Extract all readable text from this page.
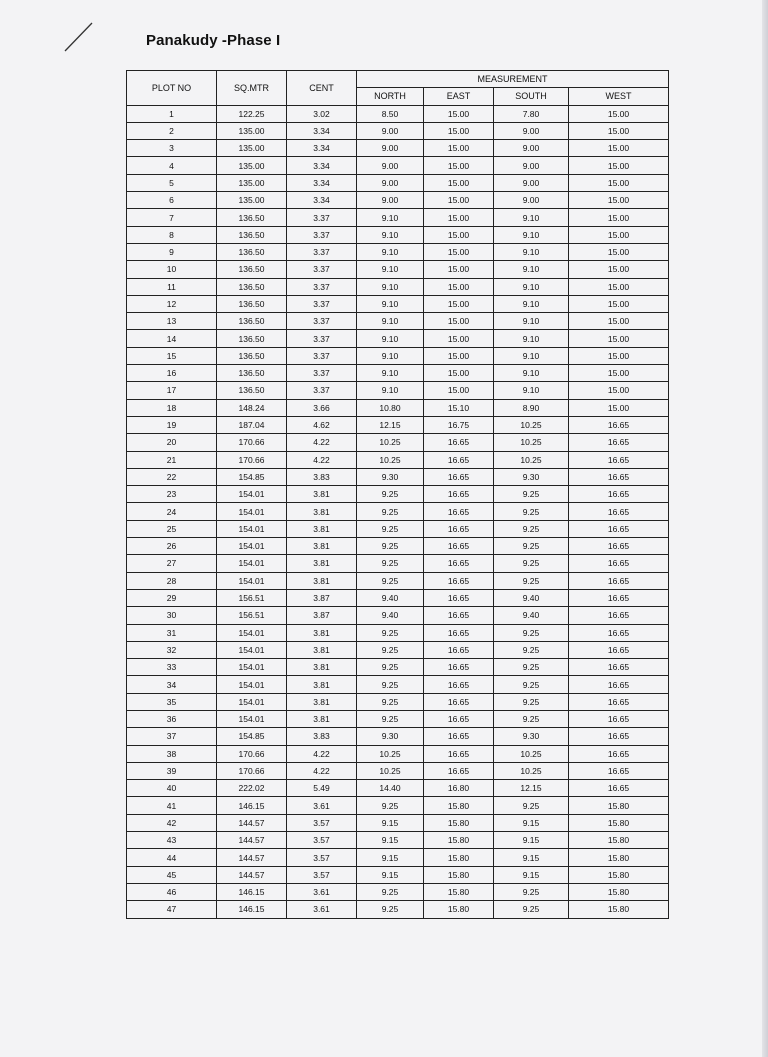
Panakudy -Phase I
PLOT NO	SQ.MTR	CENT	MEASUREMENT			
			NORTH	EAST	SOUTH	WEST
1	122.25	3.02	8.50	15.00	7.80	15.00
2	135.00	3.34	9.00	15.00	9.00	15.00
3	135.00	3.34	9.00	15.00	9.00	15.00
4	135.00	3.34	9.00	15.00	9.00	15.00
5	135.00	3.34	9.00	15.00	9.00	15.00
6	135.00	3.34	9.00	15.00	9.00	15.00
7	136.50	3.37	9.10	15.00	9.10	15.00
8	136.50	3.37	9.10	15.00	9.10	15.00
9	136.50	3.37	9.10	15.00	9.10	15.00
10	136.50	3.37	9.10	15.00	9.10	15.00
11	136.50	3.37	9.10	15.00	9.10	15.00
12	136.50	3.37	9.10	15.00	9.10	15.00
13	136.50	3.37	9.10	15.00	9.10	15.00
14	136.50	3.37	9.10	15.00	9.10	15.00
15	136.50	3.37	9.10	15.00	9.10	15.00
16	136.50	3.37	9.10	15.00	9.10	15.00
17	136.50	3.37	9.10	15.00	9.10	15.00
18	148.24	3.66	10.80	15.10	8.90	15.00
19	187.04	4.62	12.15	16.75	10.25	16.65
20	170.66	4.22	10.25	16.65	10.25	16.65
21	170.66	4.22	10.25	16.65	10.25	16.65
22	154.85	3.83	9.30	16.65	9.30	16.65
23	154.01	3.81	9.25	16.65	9.25	16.65
24	154.01	3.81	9.25	16.65	9.25	16.65
25	154.01	3.81	9.25	16.65	9.25	16.65
26	154.01	3.81	9.25	16.65	9.25	16.65
27	154.01	3.81	9.25	16.65	9.25	16.65
28	154.01	3.81	9.25	16.65	9.25	16.65
29	156.51	3.87	9.40	16.65	9.40	16.65
30	156.51	3.87	9.40	16.65	9.40	16.65
31	154.01	3.81	9.25	16.65	9.25	16.65
32	154.01	3.81	9.25	16.65	9.25	16.65
33	154.01	3.81	9.25	16.65	9.25	16.65
34	154.01	3.81	9.25	16.65	9.25	16.65
35	154.01	3.81	9.25	16.65	9.25	16.65
36	154.01	3.81	9.25	16.65	9.25	16.65
37	154.85	3.83	9.30	16.65	9.30	16.65
38	170.66	4.22	10.25	16.65	10.25	16.65
39	170.66	4.22	10.25	16.65	10.25	16.65
40	222.02	5.49	14.40	16.80	12.15	16.65
41	146.15	3.61	9.25	15.80	9.25	15.80
42	144.57	3.57	9.15	15.80	9.15	15.80
43	144.57	3.57	9.15	15.80	9.15	15.80
44	144.57	3.57	9.15	15.80	9.15	15.80
45	144.57	3.57	9.15	15.80	9.15	15.80
46	146.15	3.61	9.25	15.80	9.25	15.80
47	146.15	3.61	9.25	15.80	9.25	15.80
